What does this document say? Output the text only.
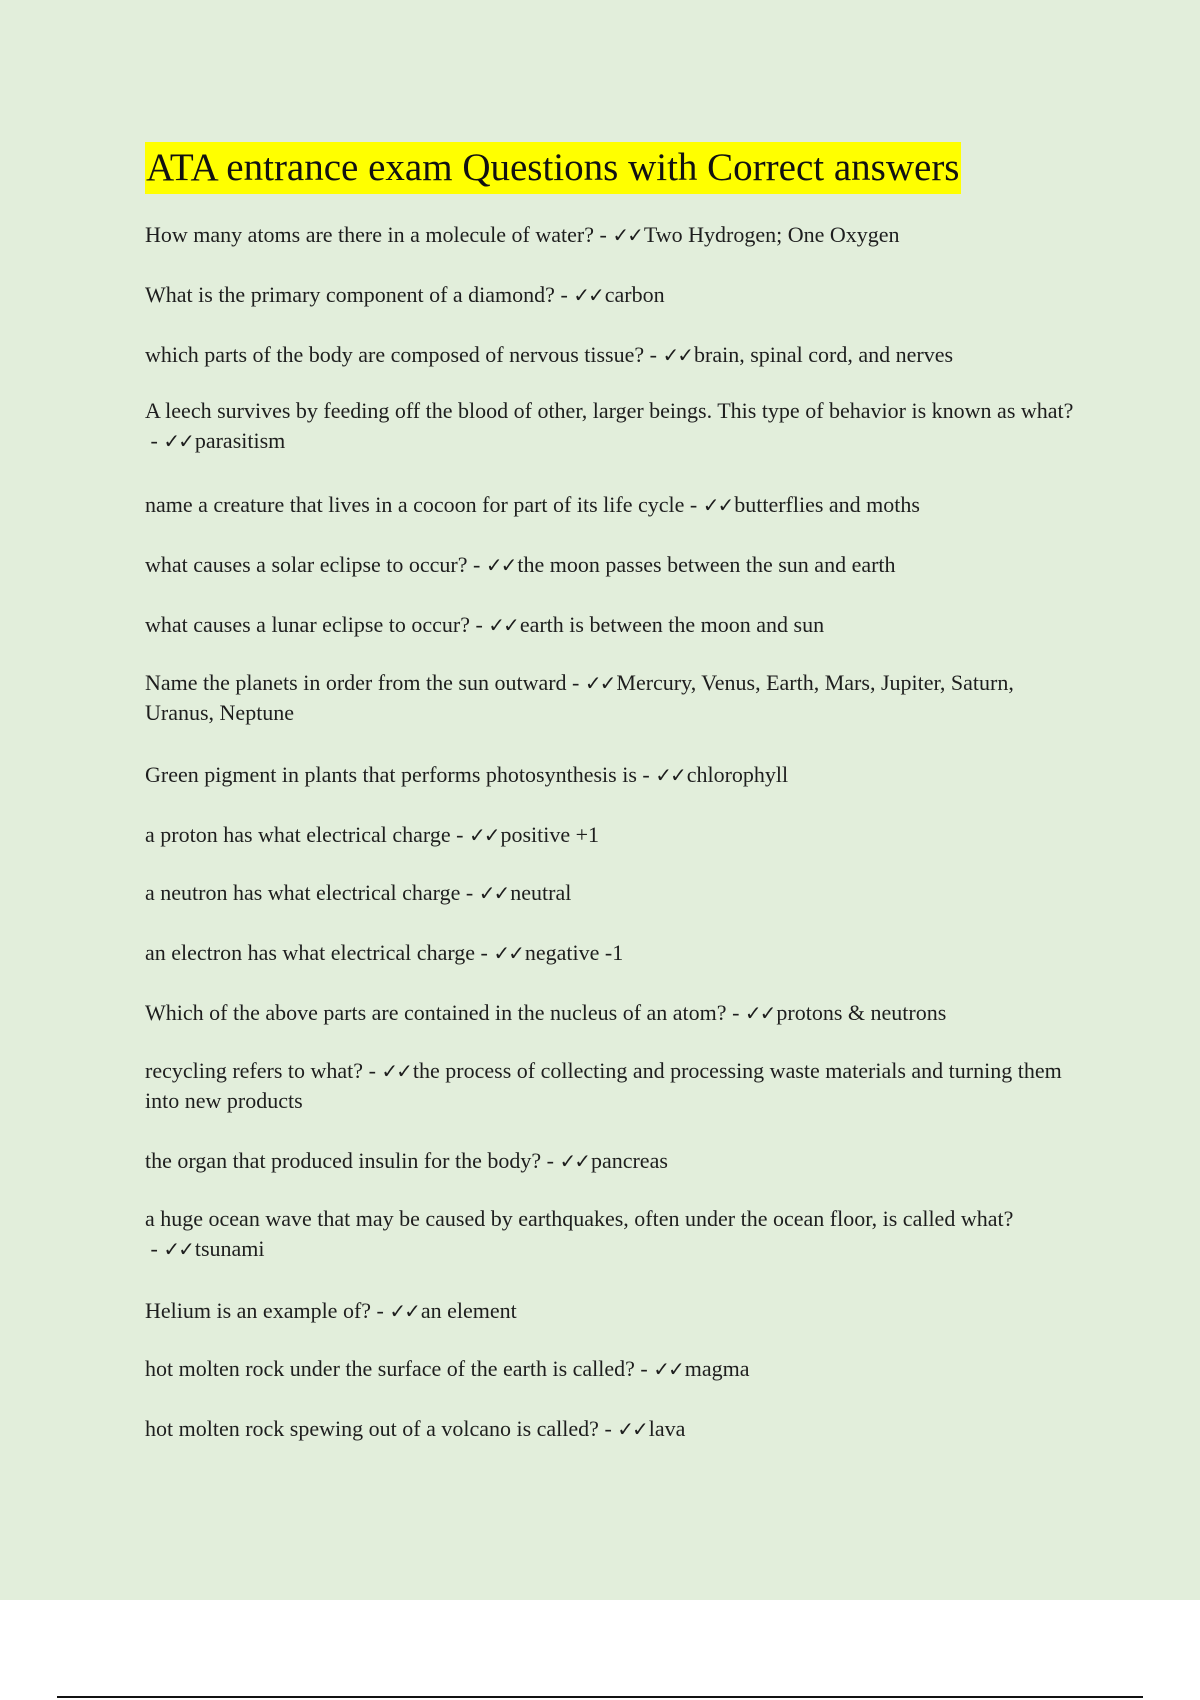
ATA entrance exam Questions with Correct answers
How many atoms are there in a molecule of water? - ✓✓Two Hydrogen; One Oxygen
What is the primary component of a diamond? - ✓✓carbon
which parts of the body are composed of nervous tissue? - ✓✓brain, spinal cord, and nerves
A leech survives by feeding off the blood of other, larger beings. This type of behavior is known as what? - ✓✓parasitism
name a creature that lives in a cocoon for part of its life cycle - ✓✓butterflies and moths
what causes a solar eclipse to occur? - ✓✓the moon passes between the sun and earth
what causes a lunar eclipse to occur? - ✓✓earth is between the moon and sun
Name the planets in order from the sun outward - ✓✓Mercury, Venus, Earth, Mars, Jupiter, Saturn, Uranus, Neptune
Green pigment in plants that performs photosynthesis is - ✓✓chlorophyll
a proton has what electrical charge - ✓✓positive +1
a neutron has what electrical charge - ✓✓neutral
an electron has what electrical charge - ✓✓negative -1
Which of the above parts are contained in the nucleus of an atom? - ✓✓protons & neutrons
recycling refers to what? - ✓✓the process of collecting and processing waste materials and turning them into new products
the organ that produced insulin for the body? - ✓✓pancreas
a huge ocean wave that may be caused by earthquakes, often under the ocean floor, is called what? - ✓✓tsunami
Helium is an example of? - ✓✓an element
hot molten rock under the surface of the earth is called? - ✓✓magma
hot molten rock spewing out of a volcano is called? - ✓✓lava
